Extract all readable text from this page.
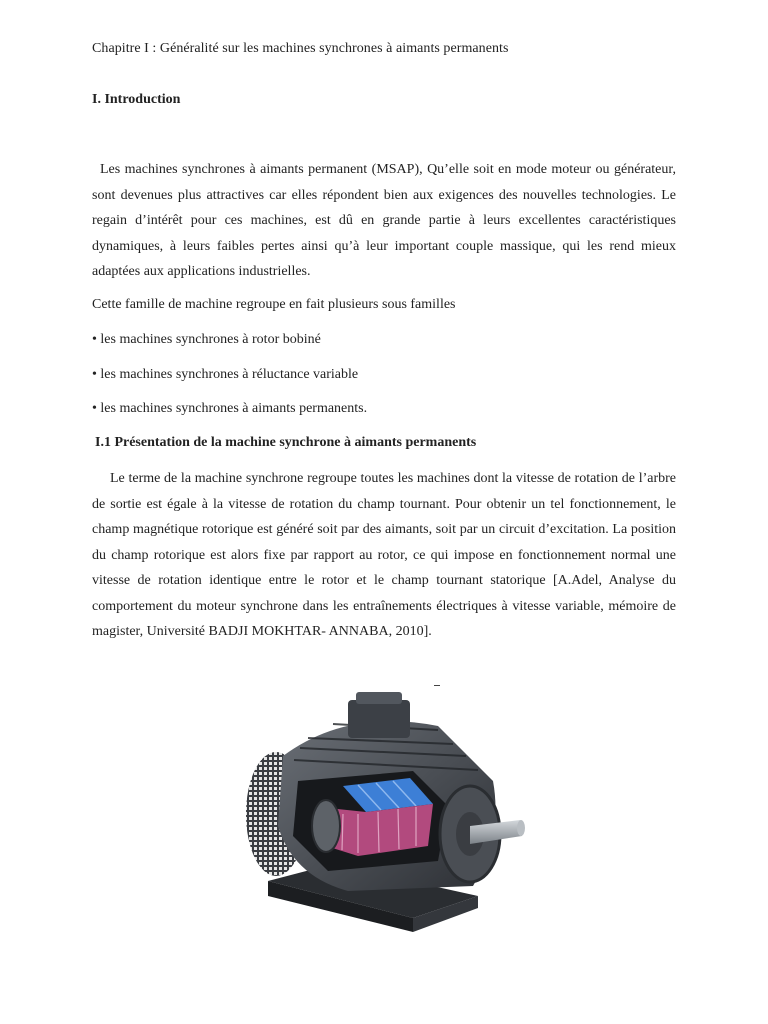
Chapitre I : Généralité sur les machines synchrones à aimants permanents
I. Introduction

Les machines synchrones à aimants permanent (MSAP), Qu’elle soit en mode moteur ou générateur, sont devenues plus attractives car elles répondent bien aux exigences des nouvelles technologies. Le regain d’intérêt pour ces machines, est dû en grande partie à leurs excellentes caractéristiques dynamiques, à leurs faibles pertes ainsi qu’à leur important couple massique, qui les rend mieux adaptées aux applications industrielles.

Cette famille de machine regroupe en fait plusieurs sous familles
• les machines synchrones à rotor bobiné
• les machines synchrones à réluctance variable
• les machines synchrones à aimants permanents.
I.1 Présentation de la machine synchrone à aimants permanents

Le terme de la machine synchrone regroupe toutes les machines dont la vitesse de rotation de l’arbre de sortie est égale à la vitesse de rotation du champ tournant. Pour obtenir un tel fonctionnement, le champ magnétique rotorique est généré soit par des aimants, soit par un circuit d’excitation. La position du champ rotorique est alors fixe par rapport au rotor, ce qui impose en fonctionnement normal une vitesse de rotation identique entre le rotor et le champ tournant statorique [A.Adel, Analyse du comportement du moteur synchrone dans les entraînements électriques à vitesse variable, mémoire de magister, Université BADJI MOKHTAR- ANNABA, 2010].
